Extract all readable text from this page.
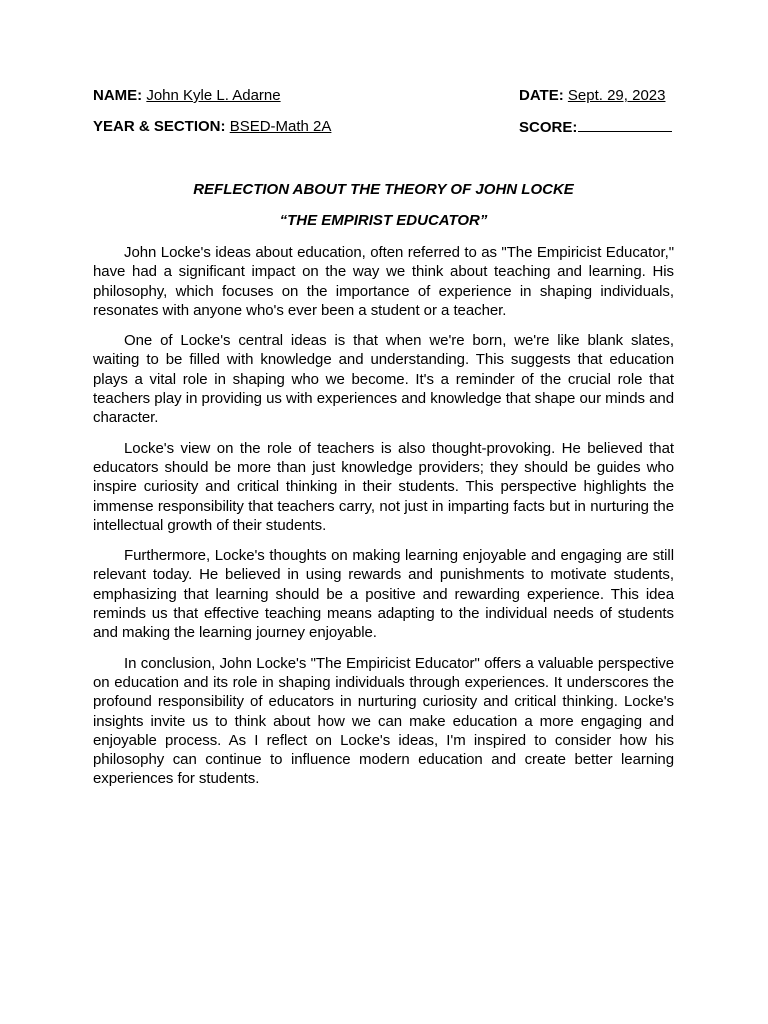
NAME: John Kyle L. Adarne	DATE: Sept. 29, 2023
YEAR & SECTION: BSED-Math 2A	SCORE:
REFLECTION ABOUT THE THEORY OF JOHN LOCKE
“THE EMPIRIST EDUCATOR”

John Locke's ideas about education, often referred to as "The Empiricist Educator," have had a significant impact on the way we think about teaching and learning. His philosophy, which focuses on the importance of experience in shaping individuals, resonates with anyone who's ever been a student or a teacher.

One of Locke's central ideas is that when we're born, we're like blank slates, waiting to be filled with knowledge and understanding. This suggests that education plays a vital role in shaping who we become. It's a reminder of the crucial role that teachers play in providing us with experiences and knowledge that shape our minds and character.

Locke's view on the role of teachers is also thought-provoking. He believed that educators should be more than just knowledge providers; they should be guides who inspire curiosity and critical thinking in their students. This perspective highlights the immense responsibility that teachers carry, not just in imparting facts but in nurturing the intellectual growth of their students.

Furthermore, Locke's thoughts on making learning enjoyable and engaging are still relevant today. He believed in using rewards and punishments to motivate students, emphasizing that learning should be a positive and rewarding experience. This idea reminds us that effective teaching means adapting to the individual needs of students and making the learning journey enjoyable.

In conclusion, John Locke's "The Empiricist Educator" offers a valuable perspective on education and its role in shaping individuals through experiences. It underscores the profound responsibility of educators in nurturing curiosity and critical thinking. Locke's insights invite us to think about how we can make education a more engaging and enjoyable process. As I reflect on Locke's ideas, I'm inspired to consider how his philosophy can continue to influence modern education and create better learning experiences for students.
